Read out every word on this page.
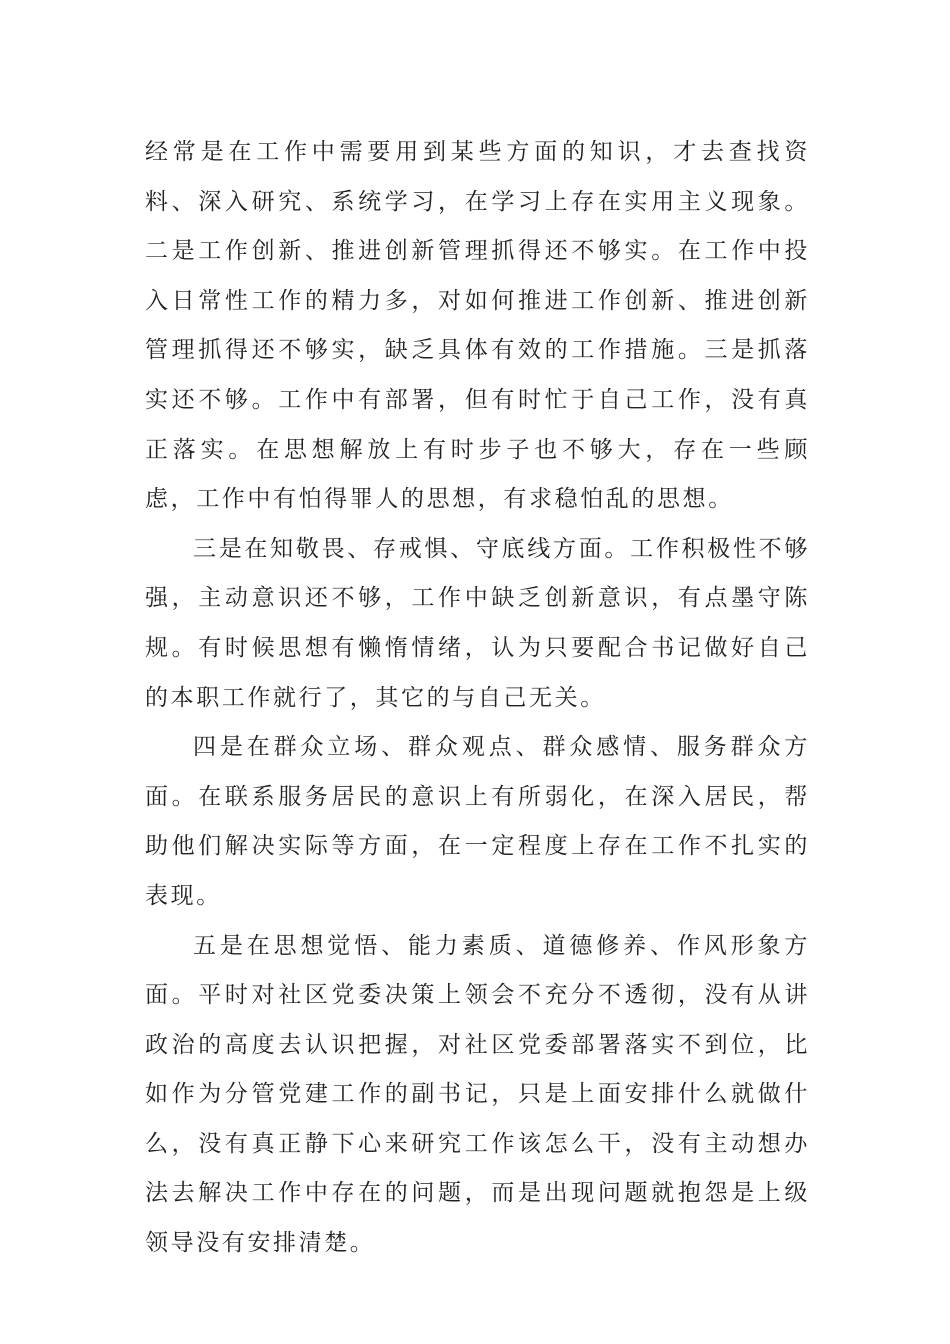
经常是在工作中需要用到某些方面的知识，才去查找资料、深入研究、系统学习，在学习上存在实用主义现象。二是工作创新、推进创新管理抓得还不够实。在工作中投入日常性工作的精力多，对如何推进工作创新、推进创新管理抓得还不够实，缺乏具体有效的工作措施。三是抓落实还不够。工作中有部署，但有时忙于自己工作，没有真正落实。在思想解放上有时步子也不够大，存在一些顾虑，工作中有怕得罪人的思想，有求稳怕乱的思想。

三是在知敬畏、存戒惧、守底线方面。工作积极性不够强，主动意识还不够，工作中缺乏创新意识，有点墨守陈规。有时候思想有懒惰情绪，认为只要配合书记做好自己的本职工作就行了，其它的与自己无关。

四是在群众立场、群众观点、群众感情、服务群众方面。在联系服务居民的意识上有所弱化，在深入居民，帮助他们解决实际等方面，在一定程度上存在工作不扎实的表现。

五是在思想觉悟、能力素质、道德修养、作风形象方面。平时对社区党委决策上领会不充分不透彻，没有从讲政治的高度去认识把握，对社区党委部署落实不到位，比如作为分管党建工作的副书记，只是上面安排什么就做什么，没有真正静下心来研究工作该怎么干，没有主动想办法去解决工作中存在的问题，而是出现问题就抱怨是上级领导没有安排清楚。
